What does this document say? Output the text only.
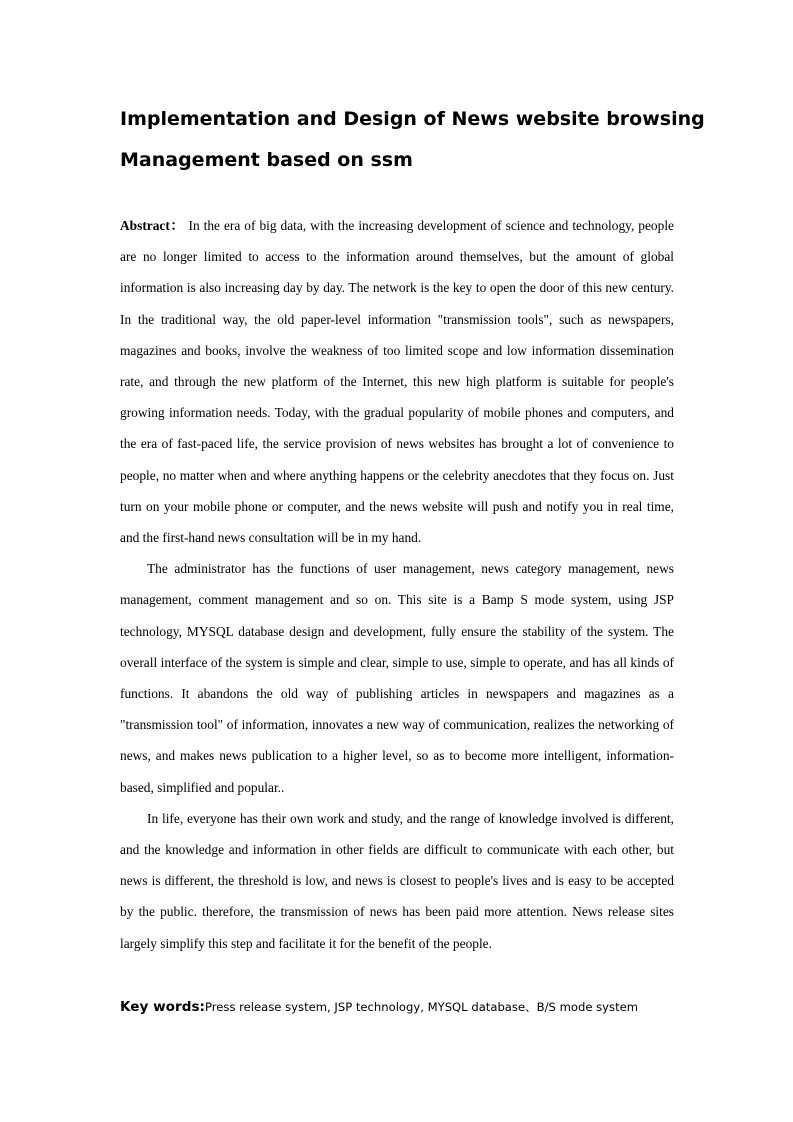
Implementation and Design of News website browsing
Management based on ssm

Abstract： In the era of big data, with the increasing development of science and technology, people are no longer limited to access to the information around themselves, but the amount of global information is also increasing day by day. The network is the key to open the door of this new century. In the traditional way, the old paper-level information "transmission tools", such as newspapers, magazines and books, involve the weakness of too limited scope and low information dissemination rate, and through the new platform of the Internet, this new high platform is suitable for people's growing information needs. Today, with the gradual popularity of mobile phones and computers, and the era of fast-paced life, the service provision of news websites has brought a lot of convenience to people, no matter when and where anything happens or the celebrity anecdotes that they focus on. Just turn on your mobile phone or computer, and the news website will push and notify you in real time, and the first-hand news consultation will be in my hand.

The administrator has the functions of user management, news category management, news management, comment management and so on. This site is a Bamp S mode system, using JSP technology, MYSQL database design and development, fully ensure the stability of the system. The overall interface of the system is simple and clear, simple to use, simple to operate, and has all kinds of functions. It abandons the old way of publishing articles in newspapers and magazines as a "transmission tool" of information, innovates a new way of communication, realizes the networking of news, and makes news publication to a higher level, so as to become more intelligent, information-based, simplified and popular..

In life, everyone has their own work and study, and the range of knowledge involved is different, and the knowledge and information in other fields are difficult to communicate with each other, but news is different, the threshold is low, and news is closest to people's lives and is easy to be accepted by the public. therefore, the transmission of news has been paid more attention. News release sites largely simplify this step and facilitate it for the benefit of the people.

Key words:Press release system, JSP technology, MYSQL database、B/S mode system
